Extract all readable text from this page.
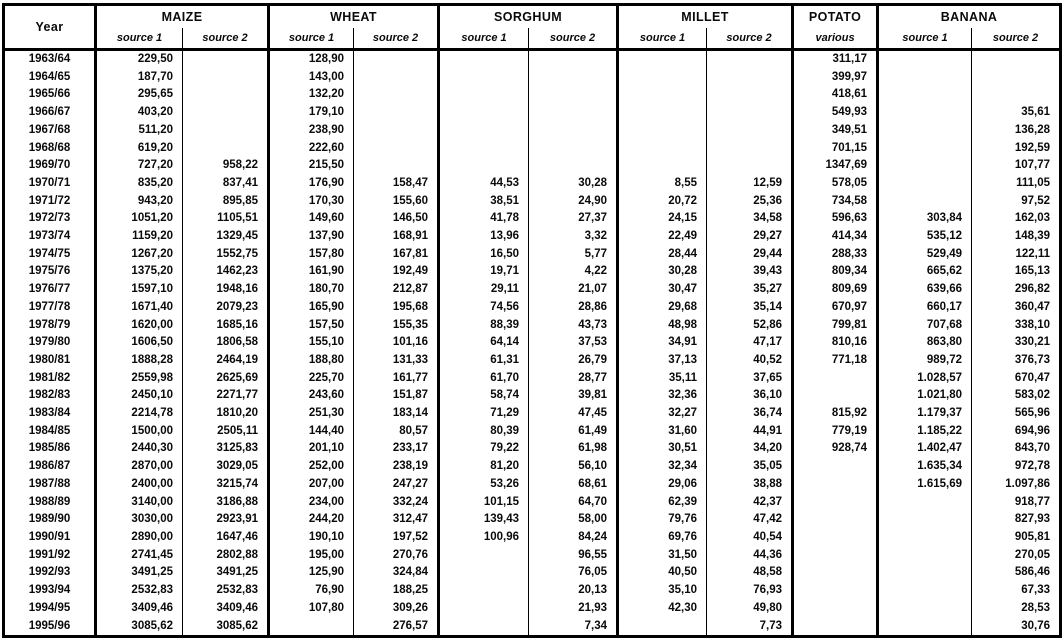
Year	MAIZE		WHEAT		SORGHUM		MILLET		POTATO	BANANA	
	source 1	source 2	source 1	source 2	source 1	source 2	source 1	source 2	various	source 1	source 2
1963/64	229,50		128,90						311,17		
1964/65	187,70		143,00						399,97		
1965/66	295,65		132,20						418,61		
1966/67	403,20		179,10						549,93		35,61
1967/68	511,20		238,90						349,51		136,28
1968/68	619,20		222,60						701,15		192,59
1969/70	727,20	958,22	215,50						1347,69		107,77
1970/71	835,20	837,41	176,90	158,47	44,53	30,28	8,55	12,59	578,05		111,05
1971/72	943,20	895,85	170,30	155,60	38,51	24,90	20,72	25,36	734,58		97,52
1972/73	1051,20	1105,51	149,60	146,50	41,78	27,37	24,15	34,58	596,63	303,84	162,03
1973/74	1159,20	1329,45	137,90	168,91	13,96	3,32	22,49	29,27	414,34	535,12	148,39
1974/75	1267,20	1552,75	157,80	167,81	16,50	5,77	28,44	29,44	288,33	529,49	122,11
1975/76	1375,20	1462,23	161,90	192,49	19,71	4,22	30,28	39,43	809,34	665,62	165,13
1976/77	1597,10	1948,16	180,70	212,87	29,11	21,07	30,47	35,27	809,69	639,66	296,82
1977/78	1671,40	2079,23	165,90	195,68	74,56	28,86	29,68	35,14	670,97	660,17	360,47
1978/79	1620,00	1685,16	157,50	155,35	88,39	43,73	48,98	52,86	799,81	707,68	338,10
1979/80	1606,50	1806,58	155,10	101,16	64,14	37,53	34,91	47,17	810,16	863,80	330,21
1980/81	1888,28	2464,19	188,80	131,33	61,31	26,79	37,13	40,52	771,18	989,72	376,73
1981/82	2559,98	2625,69	225,70	161,77	61,70	28,77	35,11	37,65		1.028,57	670,47
1982/83	2450,10	2271,77	243,60	151,87	58,74	39,81	32,36	36,10		1.021,80	583,02
1983/84	2214,78	1810,20	251,30	183,14	71,29	47,45	32,27	36,74	815,92	1.179,37	565,96
1984/85	1500,00	2505,11	144,40	80,57	80,39	61,49	31,60	44,91	779,19	1.185,22	694,96
1985/86	2440,30	3125,83	201,10	233,17	79,22	61,98	30,51	34,20	928,74	1.402,47	843,70
1986/87	2870,00	3029,05	252,00	238,19	81,20	56,10	32,34	35,05		1.635,34	972,78
1987/88	2400,00	3215,74	207,00	247,27	53,26	68,61	29,06	38,88		1.615,69	1.097,86
1988/89	3140,00	3186,88	234,00	332,24	101,15	64,70	62,39	42,37			918,77
1989/90	3030,00	2923,91	244,20	312,47	139,43	58,00	79,76	47,42			827,93
1990/91	2890,00	1647,46	190,10	197,52	100,96	84,24	69,76	40,54			905,81
1991/92	2741,45	2802,88	195,00	270,76		96,55	31,50	44,36			270,05
1992/93	3491,25	3491,25	125,90	324,84		76,05	40,50	48,58			586,46
1993/94	2532,83	2532,83	76,90	188,25		20,13	35,10	76,93			67,33
1994/95	3409,46	3409,46	107,80	309,26		21,93	42,30	49,80			28,53
1995/96	3085,62	3085,62		276,57		7,34		7,73			30,76
